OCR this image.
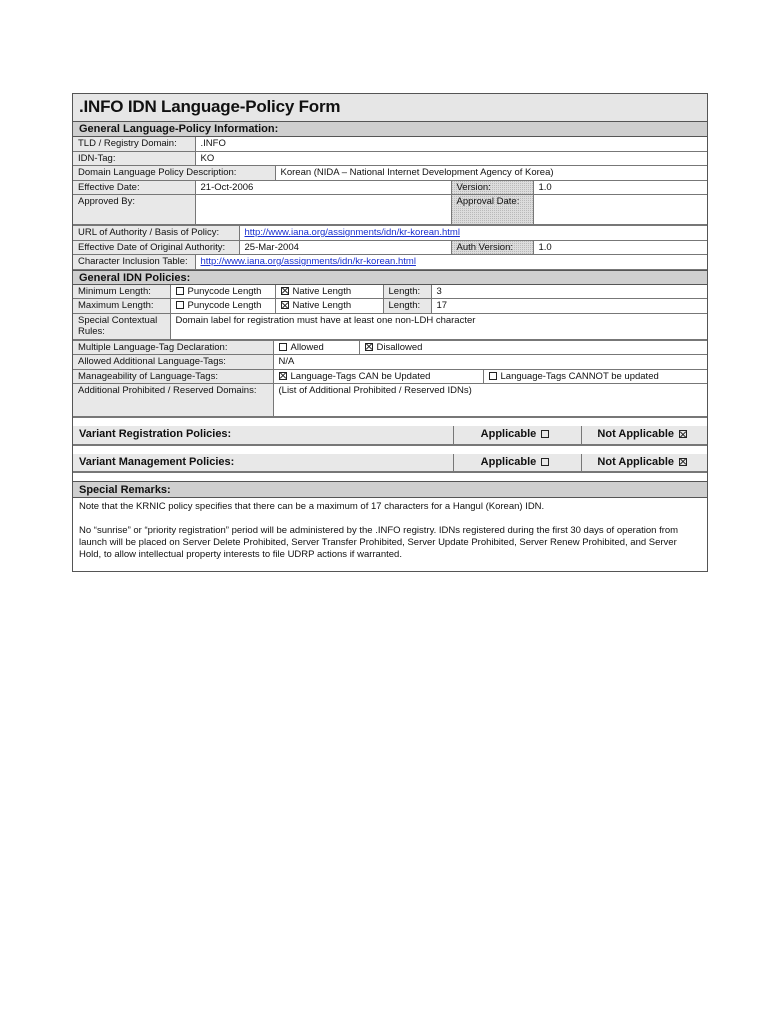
.INFO IDN Language-Policy Form
General Language-Policy Information:
TLD / Registry Domain:	.INFO			
IDN-Tag:	KO			
Domain Language Policy Description:		Korean (NIDA – National Internet Development Agency of Korea)		
Effective Date:	21-Oct-2006		Version:	1.0
Approved By:			Approval Date:	
URL of Authority / Basis of Policy:		http://www.iana.org/assignments/idn/kr-korean.html		
Effective Date of Original Authority:		25-Mar-2004	Auth Version:	1.0
Character Inclusion Table:	http://www.iana.org/assignments/idn/kr-korean.html			
General IDN Policies:
Minimum Length:	Punycode Length	Native Length	Length:	3
Maximum Length:	Punycode Length	Native Length	Length:	17
Special Contextual Rules:	Domain label for registration must have at least one non-LDH character			
Multiple Language-Tag Declaration:	Allowed	Disallowed	
Allowed Additional Language-Tags:	N/A		
Manageability of Language-Tags:	Language-Tags CAN be Updated		Language-Tags CANNOT be updated
Additional Prohibited / Reserved Domains:	(List of Additional Prohibited / Reserved IDNs)		
Variant Registration Policies:	Applicable	Not Applicable
Variant Management Policies:	Applicable	Not Applicable
Special Remarks:

Note that the KRNIC policy specifies that there can be a maximum of 17 characters for a Hangul (Korean) IDN.

No “sunrise” or “priority registration” period will be administered by the .INFO registry. IDNs registered during the first 30 days of operation from launch will be placed on Server Delete Prohibited, Server Transfer Prohibited, Server Update Prohibited, Server Renew Prohibited, and Server Hold, to allow intellectual property interests to file UDRP actions if warranted.
